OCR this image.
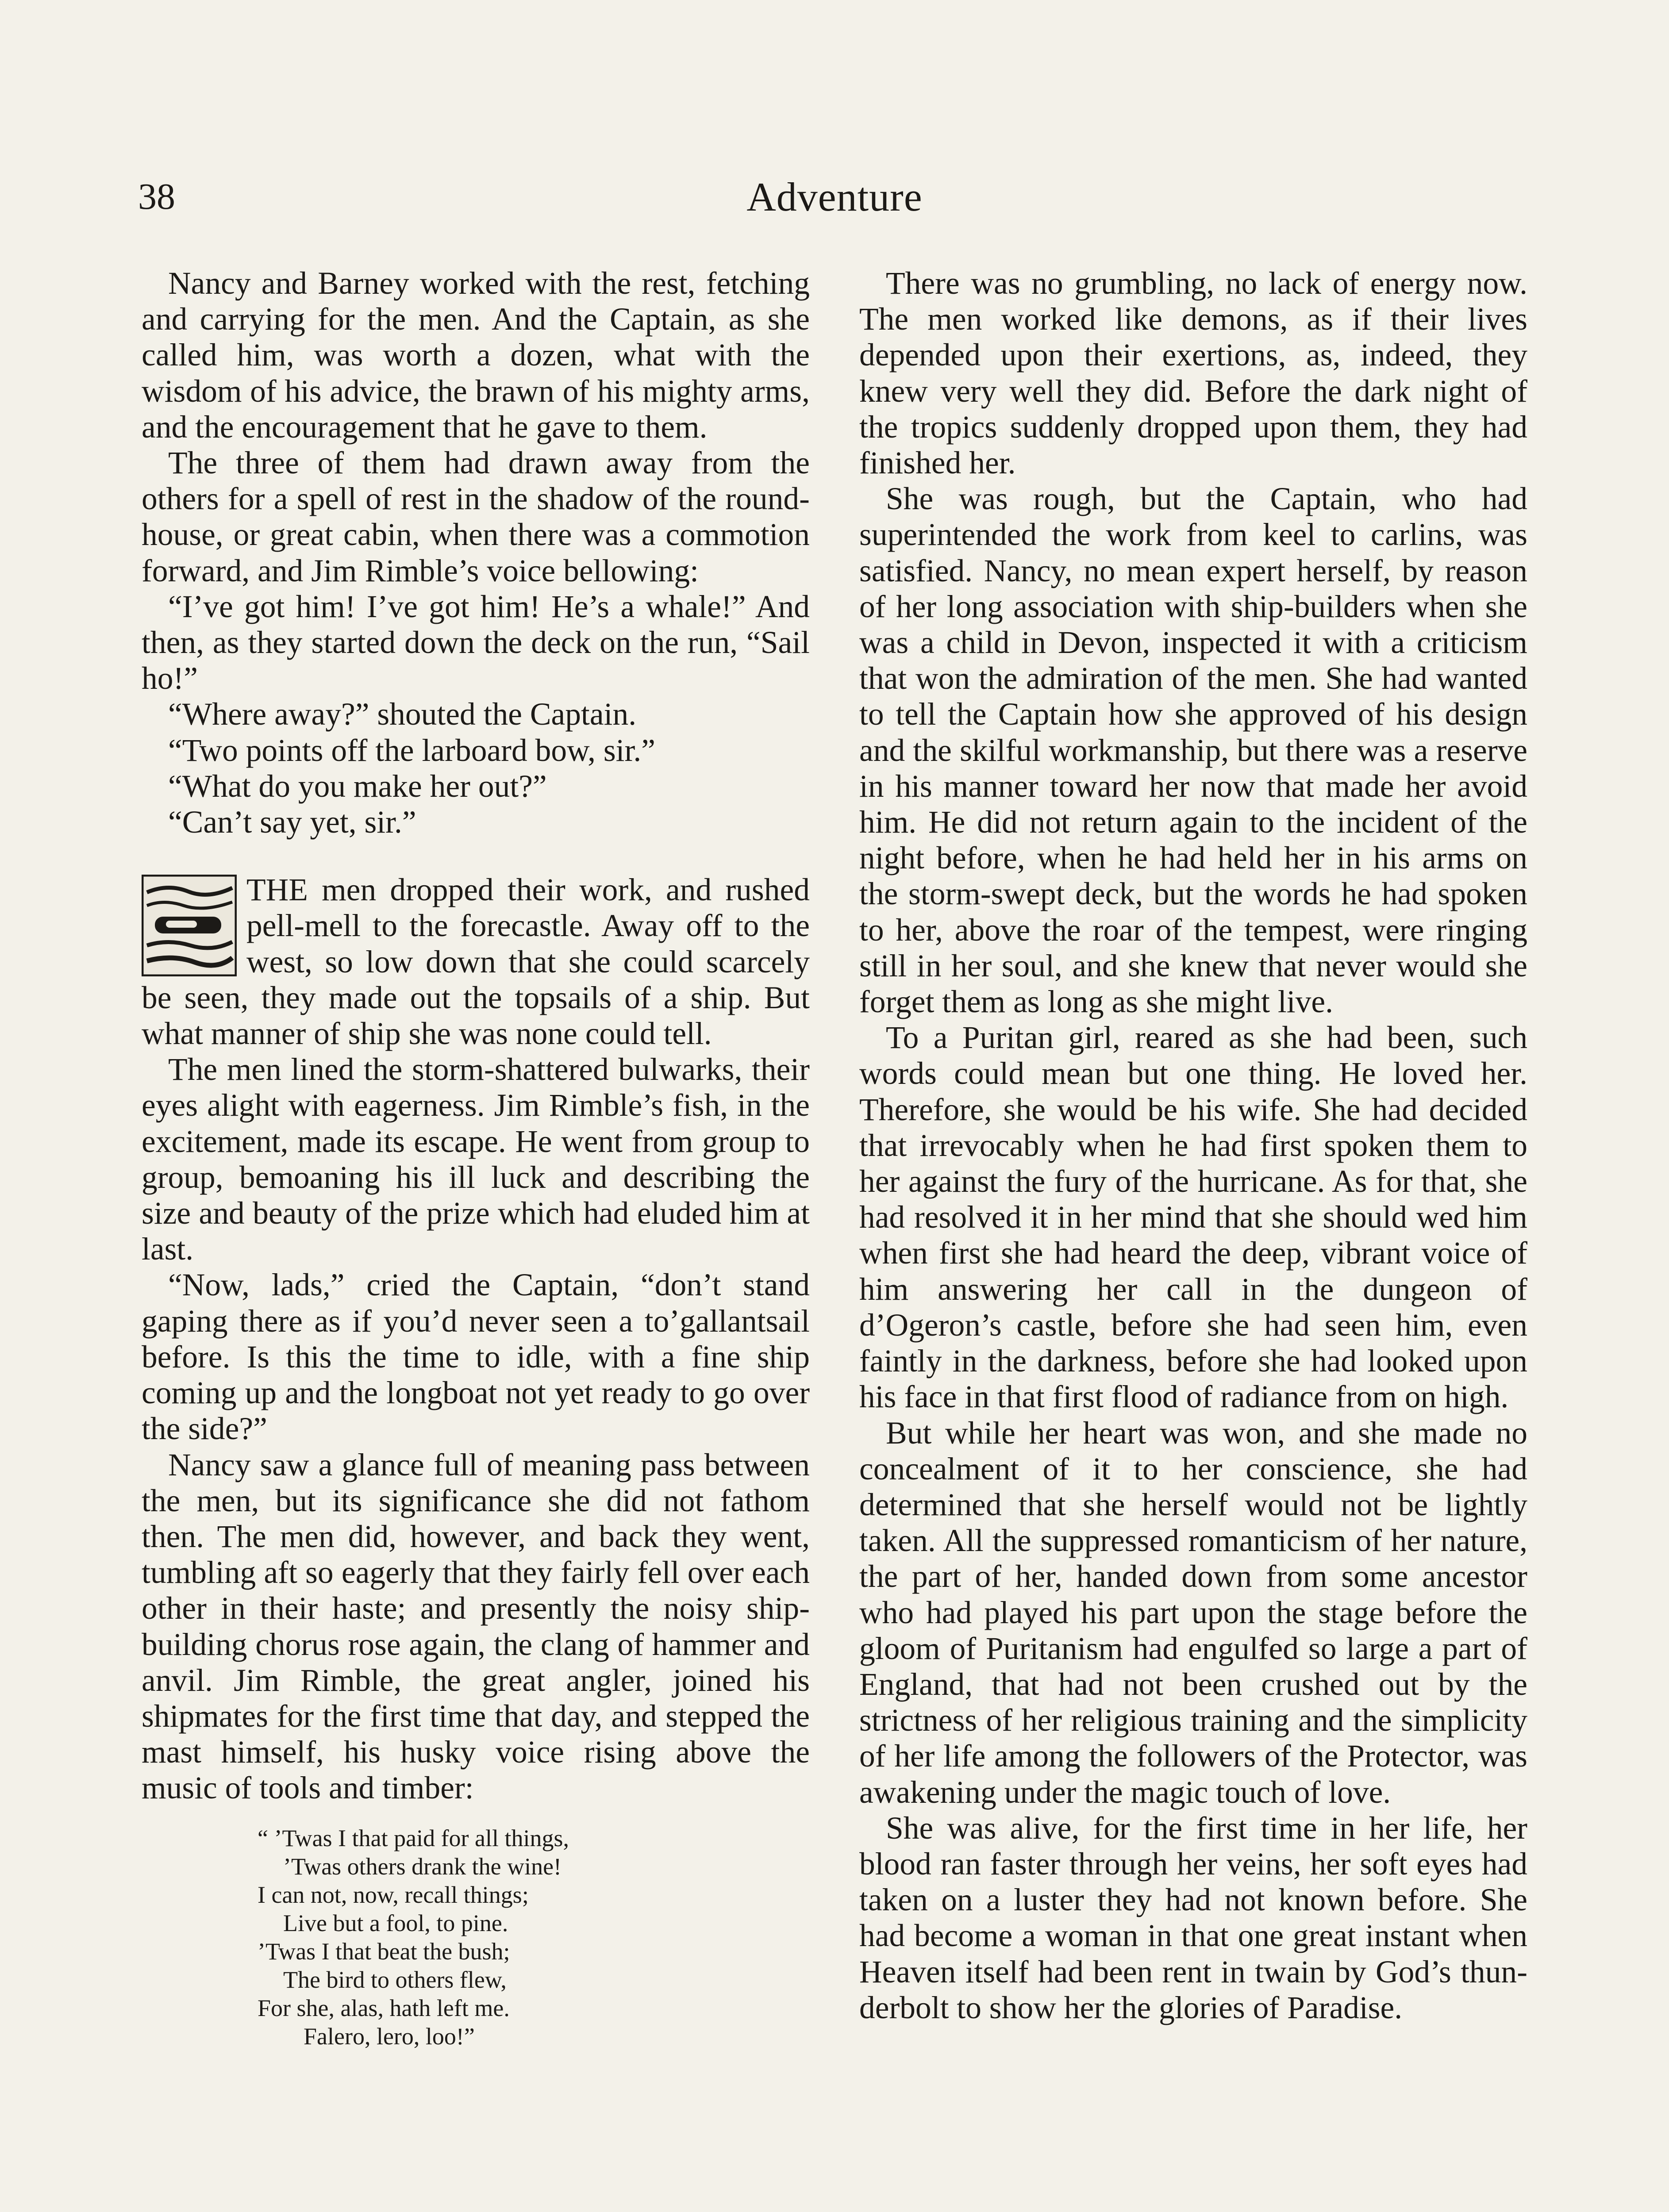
38	Adventure

Nancy and Barney worked with the rest, fetching and carrying for the men. And the Captain, as she called him, was worth a dozen, what with the wisdom of his advice, the brawn of his mighty arms, and the encouragement that he gave to them.

The three of them had drawn away from the others for a spell of rest in the shadow of the round-house, or great cabin, when there was a commotion forward, and Jim Rimble’s voice bellowing:

“I’ve got him! I’ve got him! He’s a whale!” And then, as they started down the deck on the run, “Sail ho!”

“Where away?” shouted the Captain.

“Two points off the larboard bow, sir.”

“What do you make her out?”

“Can’t say yet, sir.”

THE men dropped their work, and rushed pell-mell to the forecastle. Away off to the west, so low down that she could scarcely be seen, they made out the topsails of a ship. But what manner of ship she was none could tell.

The men lined the storm-shattered bulwarks, their eyes alight with eagerness. Jim Rimble’s fish, in the excitement, made its escape. He went from group to group, bemoaning his ill luck and describing the size and beauty of the prize which had eluded him at last.

“Now, lads,” cried the Captain, “don’t stand gaping there as if you’d never seen a to’gallantsail before. Is this the time to idle, with a fine ship coming up and the longboat not yet ready to go over the side?”

Nancy saw a glance full of meaning pass between the men, but its significance she did not fathom then. The men did, however, and back they went, tumbling aft so eagerly that they fairly fell over each other in their haste; and presently the noisy shipbuilding chorus rose again, the clang of hammer and anvil. Jim Rimble, the great angler, joined his shipmates for the first time that day, and stepped the mast himself, his husky voice rising above the music of tools and timber:

“ ’Twas I that paid for all things,
’Twas others drank the wine!
I can not, now, recall things;
Live but a fool, to pine.
’Twas I that beat the bush;
The bird to others flew,
For she, alas, hath left me.
Falero, lero, loo!”

There was no grumbling, no lack of energy now. The men worked like demons, as if their lives depended upon their exertions, as, indeed, they knew very well they did. Before the dark night of the tropics suddenly dropped upon them, they had finished her.

She was rough, but the Captain, who had superintended the work from keel to carlins, was satisfied. Nancy, no mean expert herself, by reason of her long association with ship-builders when she was a child in Devon, inspected it with a criticism that won the admiration of the men. She had wanted to tell the Captain how she approved of his design and the skilful workmanship, but there was a reserve in his manner toward her now that made her avoid him. He did not return again to the incident of the night before, when he had held her in his arms on the storm-swept deck, but the words he had spoken to her, above the roar of the tempest, were ringing still in her soul, and she knew that never would she forget them as long as she might live.

To a Puritan girl, reared as she had been, such words could mean but one thing. He loved her. Therefore, she would be his wife. She had decided that irrevocably when he had first spoken them to her against the fury of the hurricane. As for that, she had resolved it in her mind that she should wed him when first she had heard the deep, vibrant voice of him answering her call in the dungeon of d’Ogeron’s castle, before she had seen him, even faintly in the darkness, before she had looked upon his face in that first flood of radiance from on high.

But while her heart was won, and she made no concealment of it to her conscience, she had determined that she herself would not be lightly taken. All the suppressed romanticism of her nature, the part of her, handed down from some ancestor who had played his part upon the stage before the gloom of Puritanism had engulfed so large a part of England, that had not been crushed out by the strictness of her religious training and the simplicity of her life among the followers of the Protector, was awakening under the magic touch of love.

She was alive, for the first time in her life, her blood ran faster through her veins, her soft eyes had taken on a luster they had not known before. She had become a woman in that one great instant when Heaven itself had been rent in twain by God’s thunderbolt to show her the glories of Paradise.
